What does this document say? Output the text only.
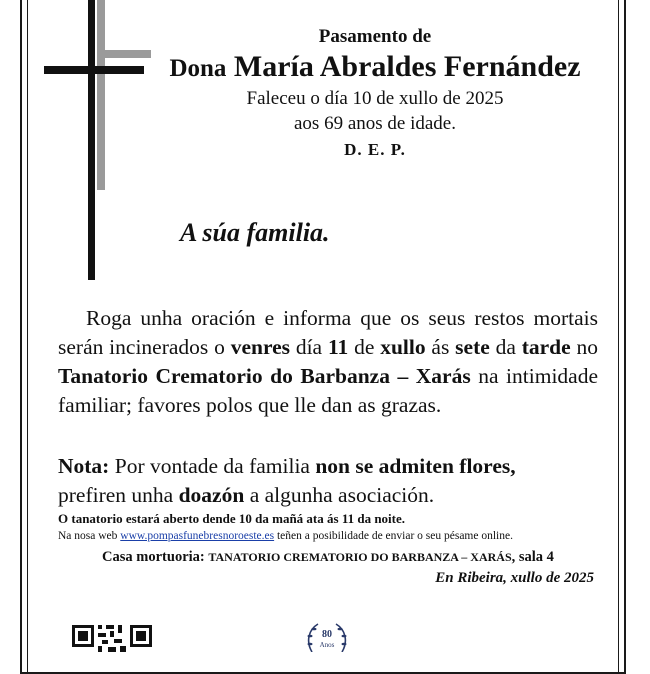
Pasamento de
Dona María Abraldes Fernández
Faleceu o día 10 de xullo de 2025
aos 69 anos de idade.
D. E. P.
A súa familia.

Roga unha oración e informa que os seus restos mortais serán incinerados o venres día 11 de xullo ás sete da tarde no Tanatorio Crematorio do Barbanza – Xarás na intimidade familiar; favores polos que lle dan as grazas.

Nota: Por vontade da familia non se admiten flores,
prefiren unha doazón a algunha asociación.

O tanatorio estará aberto dende 10 da mañá ata ás 11 da noite.
Na nosa web www.pompasfunebresnoroeste.es teñen a posibilidade de enviar o seu pésame online.
Casa mortuoria: TANATORIO CREMATORIO DO BARBANZA – XARÁS, sala 4
En Ribeira, xullo de 2025
80
Anos
